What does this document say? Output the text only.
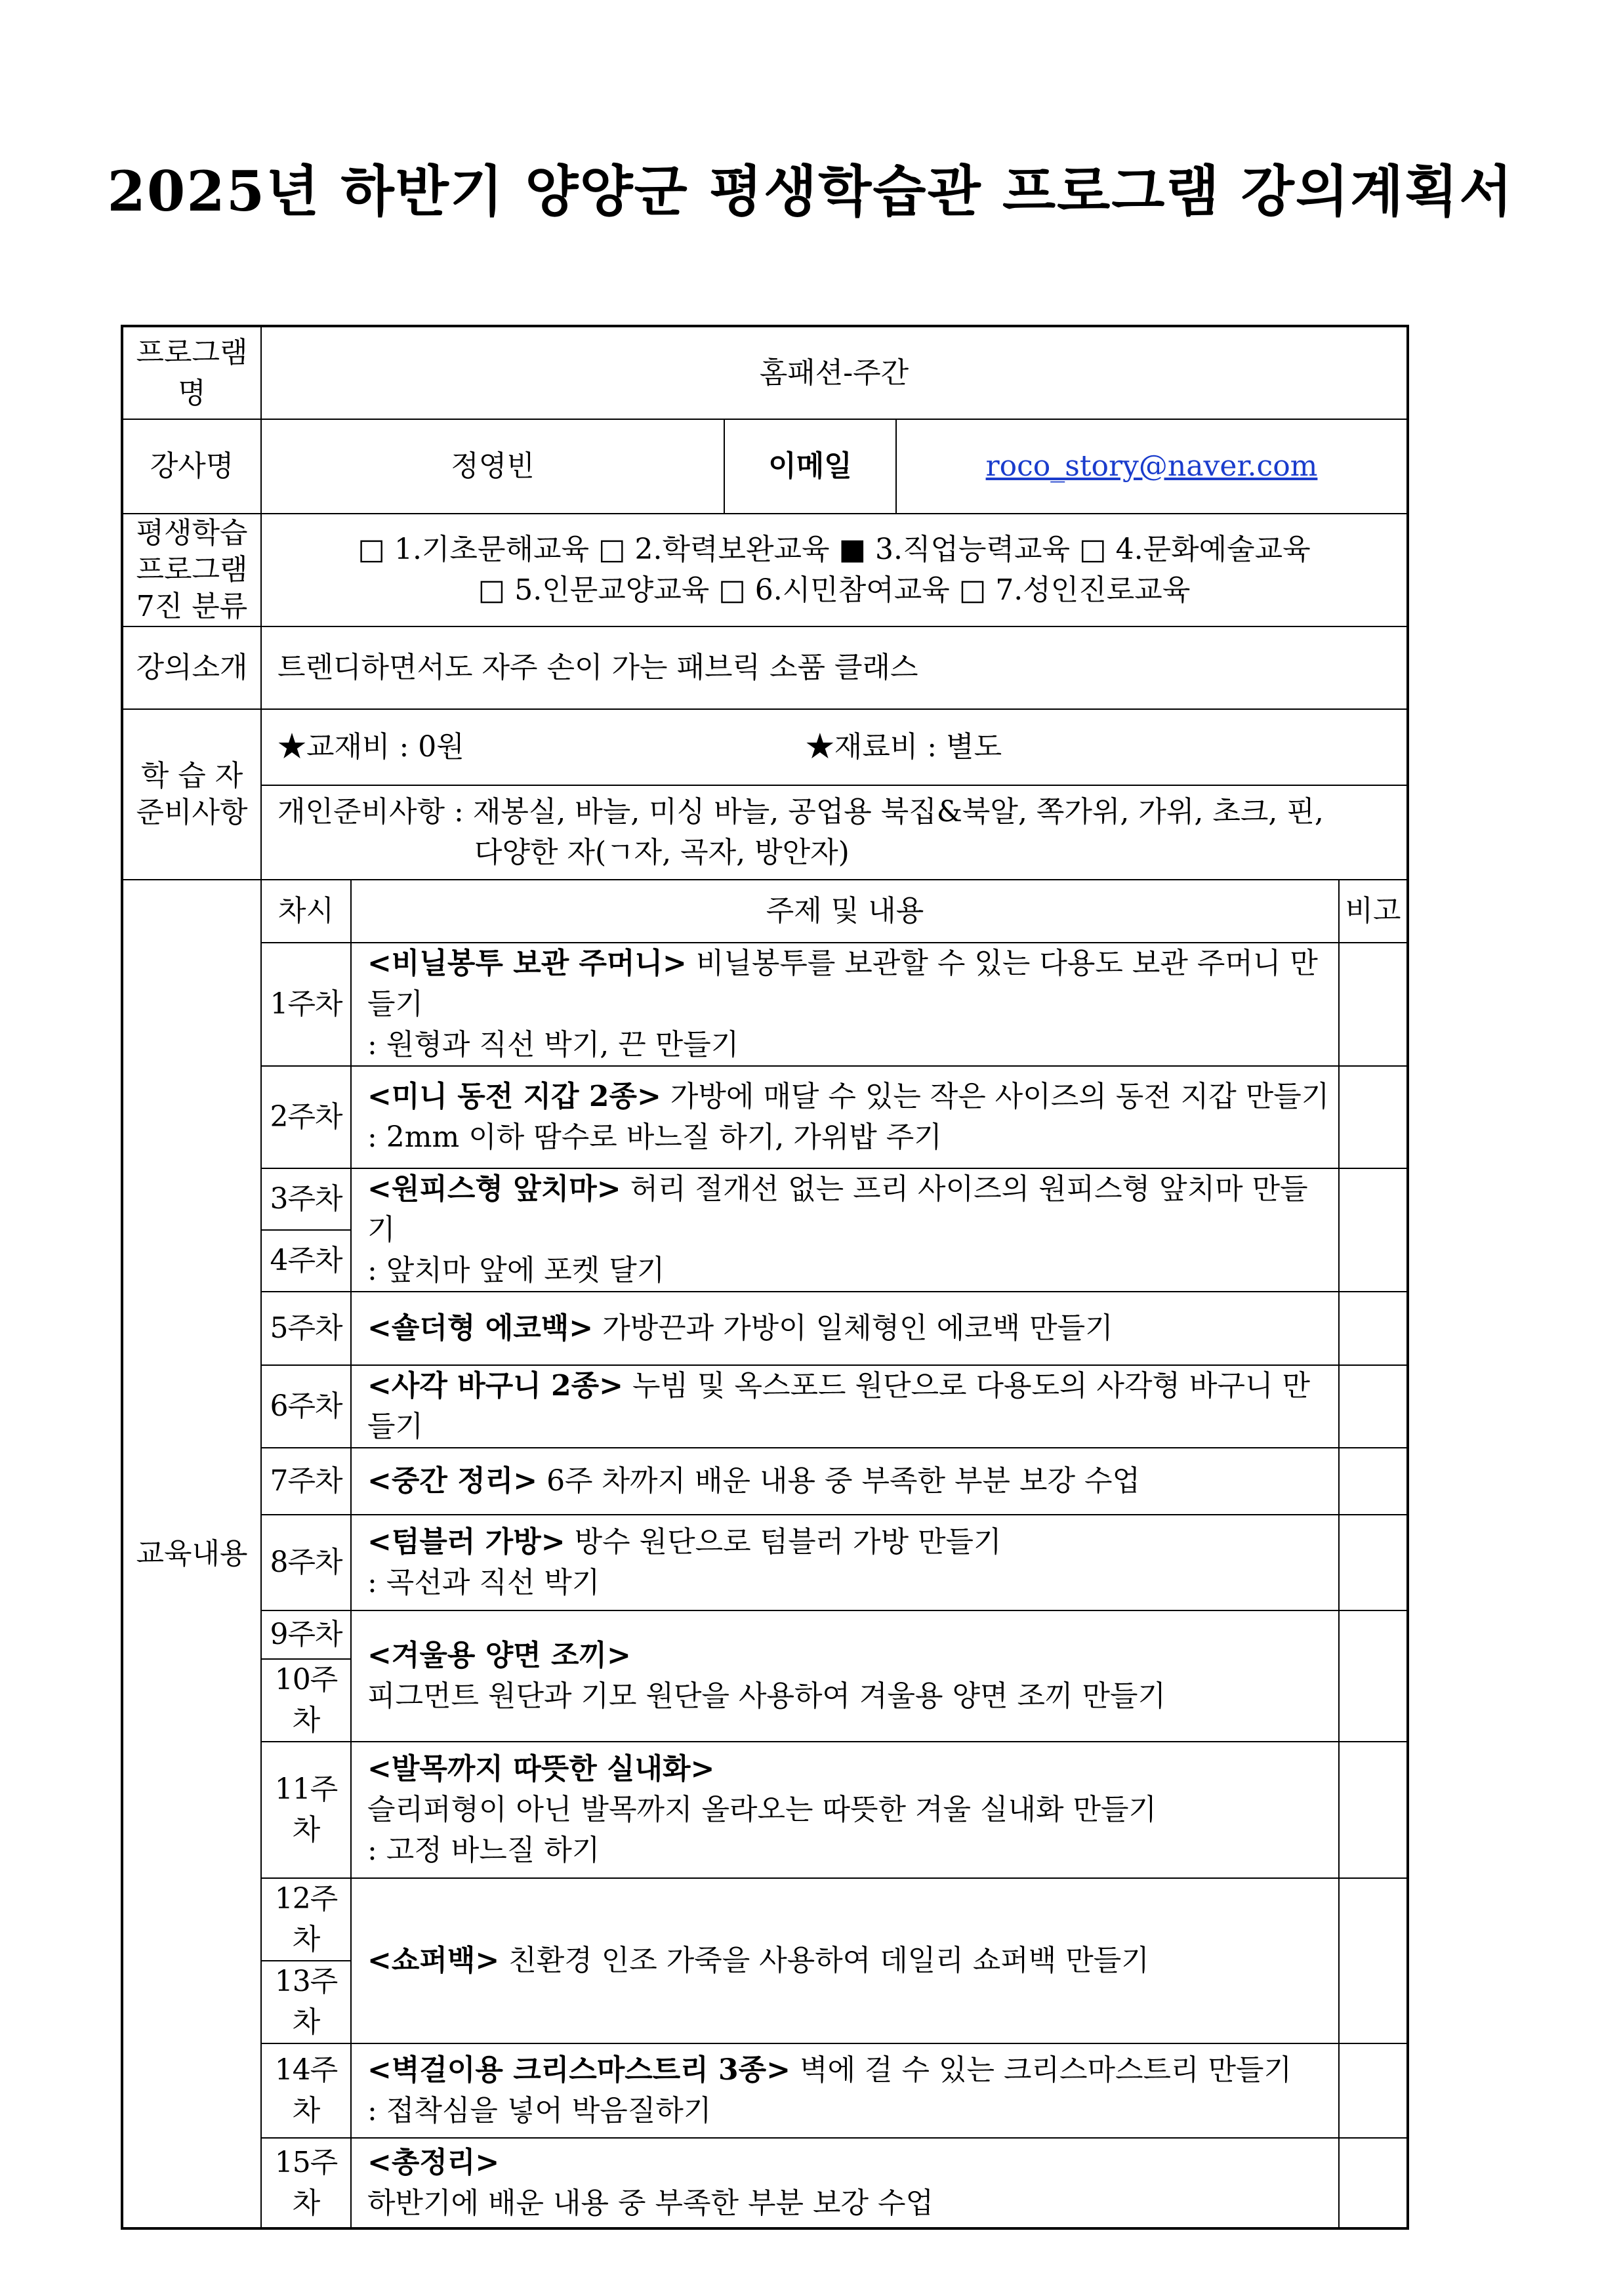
2025년 하반기 양양군 평생학습관 프로그램 강의계획서
프로그램명	홈패션-주간				
강사명	정영빈		이메일	roco_story@naver.com	

평생학습
프로그램
7진 분류	□ 1.기초문해교육 □ 2.학력보완교육 ■ 3.직업능력교육 □ 4.문화예술교육
□ 5.인문교양교육 □ 6.시민참여교육 □ 7.성인진로교육				

강의소개	트렌디하면서도 자주 손이 가는 패브릭 소품 클래스				

학 습 자
준비사항	★교재비 : 0원 ★재료비 : 별도				

	개인준비사항 : 재봉실, 바늘, 미싱 바늘, 공업용 북집&북알, 쪽가위, 가위, 초크, 핀,
다양한 자(ㄱ자, 곡자, 방안자)				

교육내용	차시	주제 및 내용			비고
	1주차	<비닐봉투 보관 주머니> 비닐봉투를 보관할 수 있는 다용도 보관 주머니 만들기
: 원형과 직선 박기, 끈 만들기			

	2주차	<미니 동전 지갑 2종> 가방에 매달 수 있는 작은 사이즈의 동전 지갑 만들기
: 2mm 이하 땀수로 바느질 하기, 가위밥 주기			

	3주차	<원피스형 앞치마> 허리 절개선 없는 프리 사이즈의 원피스형 앞치마 만들기
: 앞치마 앞에 포켓 달기			

	4주차				
	5주차	<숄더형 에코백> 가방끈과 가방이 일체형인 에코백 만들기			
	6주차	<사각 바구니 2종> 누빔 및 옥스포드 원단으로 다용도의 사각형 바구니 만들기			
	7주차	<중간 정리> 6주 차까지 배운 내용 중 부족한 부분 보강 수업			
	8주차	<텀블러 가방> 방수 원단으로 텀블러 가방 만들기
: 곡선과 직선 박기			

	9주차	<겨울용 양면 조끼>
피그먼트 원단과 기모 원단을 사용하여 겨울용 양면 조끼 만들기			

	10주차				
	11주차	<발목까지 따뜻한 실내화>
슬리퍼형이 아닌 발목까지 올라오는 따뜻한 겨울 실내화 만들기
: 고정 바느질 하기			

	12주차	<쇼퍼백> 친환경 인조 가죽을 사용하여 데일리 쇼퍼백 만들기			
	13주차				
	14주차	<벽걸이용 크리스마스트리 3종> 벽에 걸 수 있는 크리스마스트리 만들기
: 접착심을 넣어 박음질하기			

	15주차	<총정리>
하반기에 배운 내용 중 부족한 부분 보강 수업			
